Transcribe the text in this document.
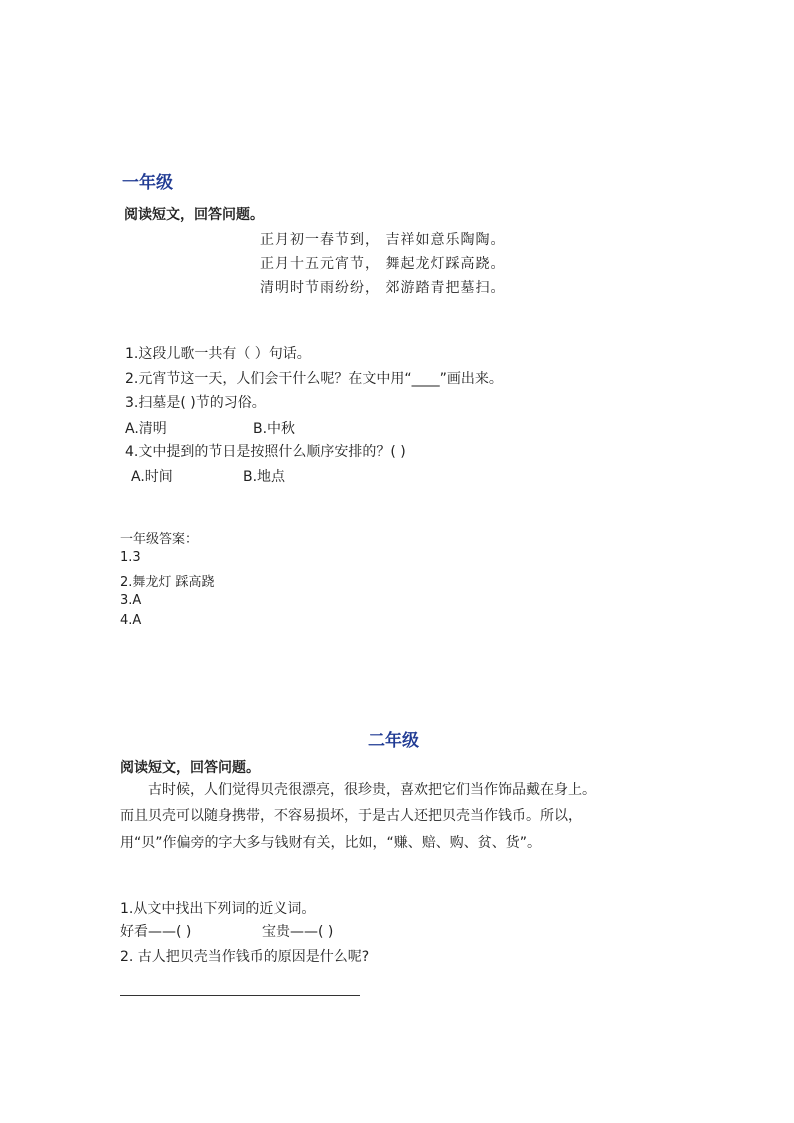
一年级
阅读短文，回答问题。
正月初一春节到， 吉祥如意乐陶陶。
正月十五元宵节， 舞起龙灯踩高跷。
清明时节雨纷纷， 郊游踏青把墓扫。
1.这段儿歌一共有（ ）句话。
2.元宵节这一天，人们会干什么呢？在文中用“____”画出来。
3.扫墓是( )节的习俗。
A.清明	B.中秋
4.文中提到的节日是按照什么顺序安排的？( )
A.时间	B.地点
一年级答案：
1.3
2.舞龙灯 踩高跷
3.A
4.A
二年级
阅读短文，回答问题。
古时候，人们觉得贝壳很漂亮，很珍贵，喜欢把它们当作饰品戴在身上。
而且贝壳可以随身携带，不容易损坏，于是古人还把贝壳当作钱币。所以，
用“贝”作偏旁的字大多与钱财有关，比如，“赚、赔、购、贫、货”。
1.从文中找出下列词的近义词。
好看——( )	宝贵——( )
2. 古人把贝壳当作钱币的原因是什么呢?
